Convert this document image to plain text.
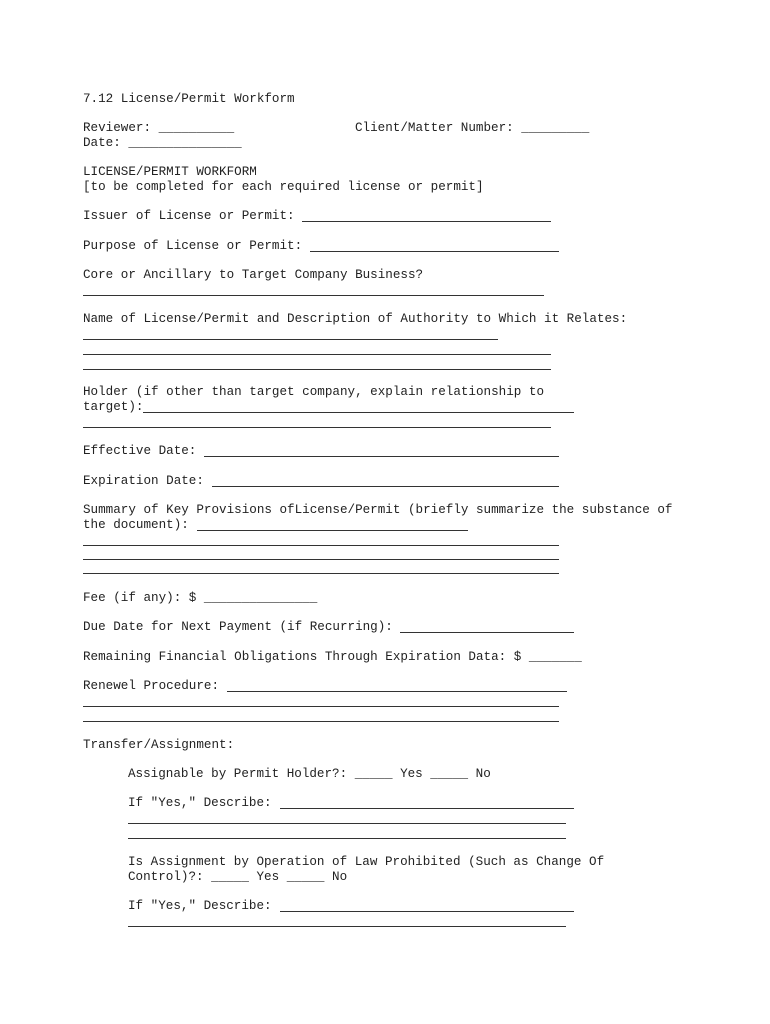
7.12 License/Permit Workform
Reviewer: __________	Client/Matter Number: _________
Date: _______________
LICENSE/PERMIT WORKFORM
[to be completed for each required license or permit]
Issuer of License or Permit:
Purpose of License or Permit:
Core or Ancillary to Target Company Business?
Name of License/Permit and Description of Authority to Which it Relates:
Holder (if other than target company, explain relationship to
target):
Effective Date:
Expiration Date:
Summary of Key Provisions ofLicense/Permit (briefly summarize the substance of
the document):
Fee (if any): $ _______________
Due Date for Next Payment (if Recurring):
Remaining Financial Obligations Through Expiration Data: $ _______
Renewel Procedure:
Transfer/Assignment:
Assignable by Permit Holder?: _____ Yes _____ No
If "Yes," Describe:
Is Assignment by Operation of Law Prohibited (Such as Change Of
Control)?: _____ Yes _____ No
If "Yes," Describe:
